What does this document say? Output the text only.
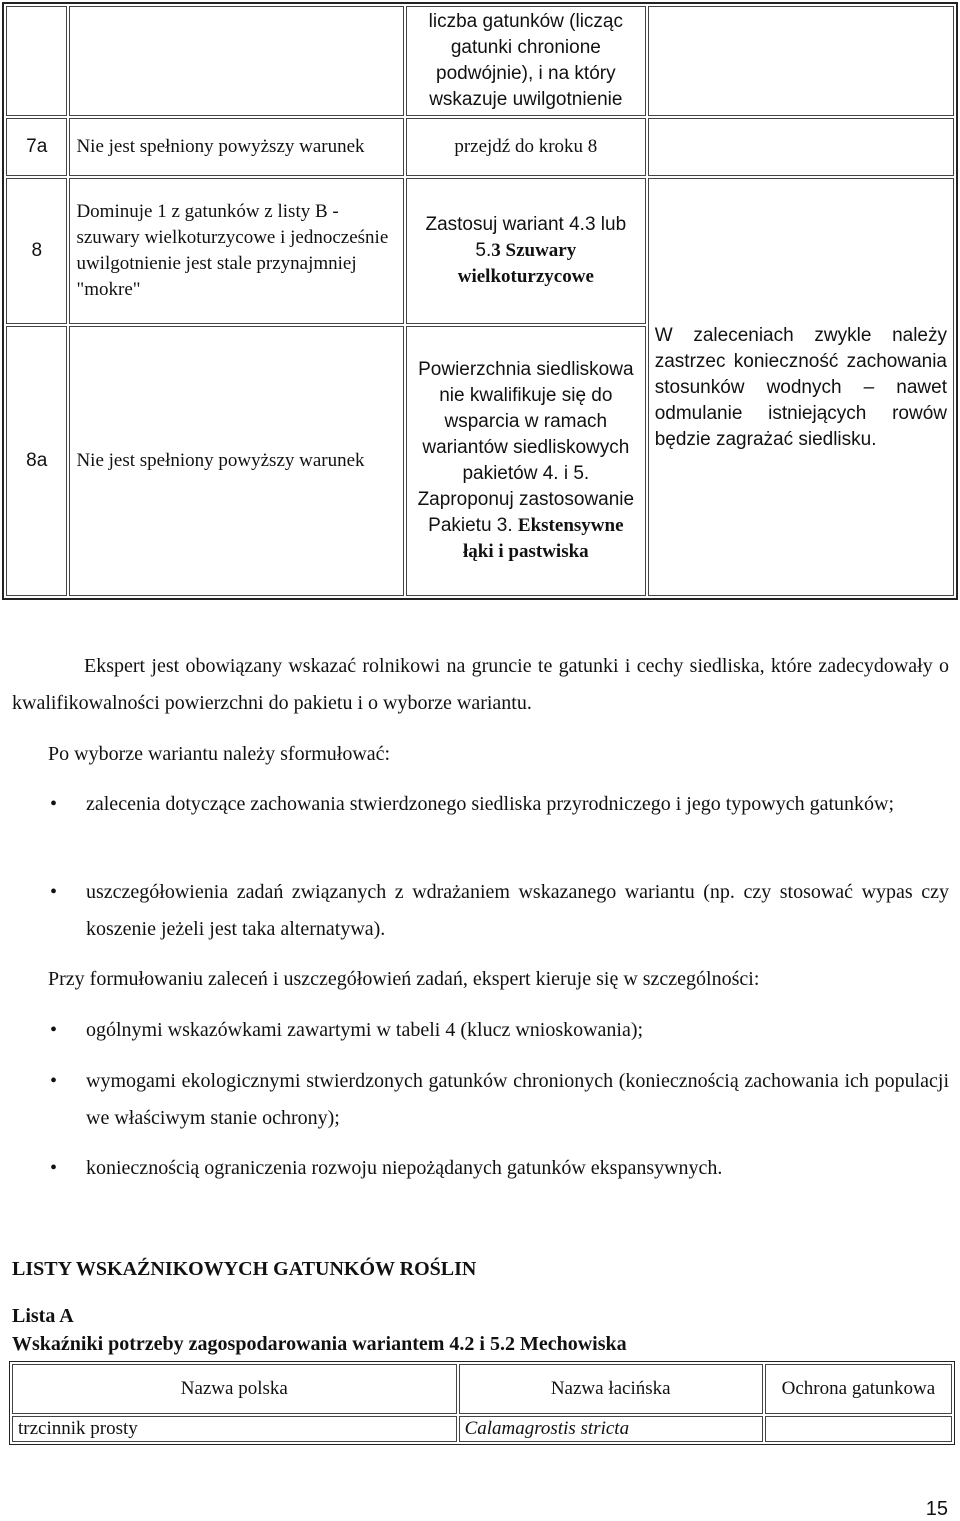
		liczba gatunków (licząc gatunki chronione podwójnie), i na który wskazuje uwilgotnienie	
7a	Nie jest spełniony powyższy warunek	przejdź do kroku 8	
8	Dominuje 1 z gatunków z listy B - szuwary wielkoturzycowe i jednocześnie uwilgotnienie jest stale przynajmniej "mokre"	Zastosuj wariant 4.3 lub 5.3 Szuwary wielkoturzycowe	W zaleceniach zwykle należy zastrzec konieczność zachowania stosunków wodnych – nawet odmulanie istniejących rowów będzie zagrażać siedlisku.

8a	Nie jest spełniony powyższy warunek	Powierzchnia siedliskowa nie kwalifikuje się do wsparcia w ramach wariantów siedliskowych pakietów 4. i 5. Zaproponuj zastosowanie Pakietu 3. Ekstensywne łąki i pastwiska	
Ekspert jest obowiązany wskazać rolnikowi na gruncie te gatunki i cechy siedliska, które zadecydowały o kwalifikowalności powierzchni do pakietu i o wyborze wariantu.
Po wyborze wariantu należy sformułować:
• zalecenia dotyczące zachowania stwierdzonego siedliska przyrodniczego i jego typowych gatunków;
• uszczegółowienia zadań związanych z wdrażaniem wskazanego wariantu (np. czy stosować wypas czy koszenie jeżeli jest taka alternatywa).
Przy formułowaniu zaleceń i uszczegółowień zadań, ekspert kieruje się w szczególności:
• ogólnymi wskazówkami zawartymi w tabeli 4 (klucz wnioskowania);
• wymogami ekologicznymi stwierdzonych gatunków chronionych (koniecznością zachowania ich populacji we właściwym stanie ochrony);
• koniecznością ograniczenia rozwoju niepożądanych gatunków ekspansywnych.
LISTY WSKAŹNIKOWYCH GATUNKÓW ROŚLIN
Lista A
Wskaźniki potrzeby zagospodarowania wariantem 4.2 i 5.2 Mechowiska
Nazwa polska	Nazwa łacińska	Ochrona gatunkowa
trzcinnik prosty	Calamagrostis stricta	
15
